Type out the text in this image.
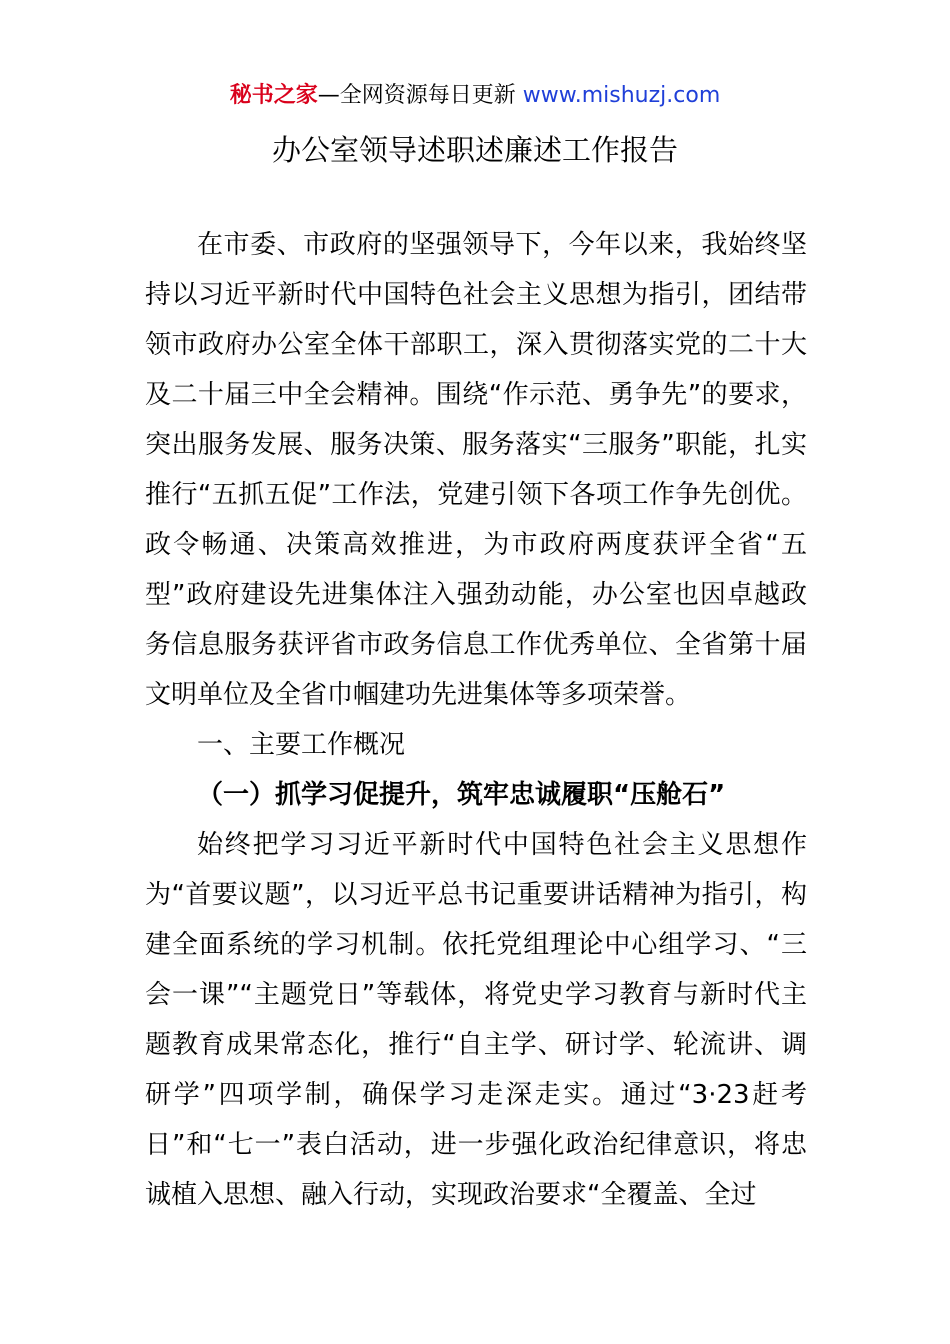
秘书之家—全网资源每日更新 www.mishuzj.com
办公室领导述职述廉述工作报告

在市委、市政府的坚强领导下，今年以来，我始终坚持以习近平新时代中国特色社会主义思想为指引，团结带领市政府办公室全体干部职工，深入贯彻落实党的二十大及二十届三中全会精神。围绕“作示范、勇争先”的要求，突出服务发展、服务决策、服务落实“三服务”职能，扎实推行“五抓五促”工作法，党建引领下各项工作争先创优。政令畅通、决策高效推进，为市政府两度获评全省“五型”政府建设先进集体注入强劲动能，办公室也因卓越政务信息服务获评省市政务信息工作优秀单位、全省第十届文明单位及全省巾帼建功先进集体等多项荣誉。

一、主要工作概况

（一）抓学习促提升，筑牢忠诚履职“压舱石”

始终把学习习近平新时代中国特色社会主义思想作为“首要议题”，以习近平总书记重要讲话精神为指引，构建全面系统的学习机制。依托党组理论中心组学习、“三会一课”“主题党日”等载体，将党史学习教育与新时代主题教育成果常态化，推行“自主学、研讨学、轮流讲、调研学”四项学制，确保学习走深走实。通过“3·23赶考日”和“七一”表白活动，进一步强化政治纪律意识，将忠诚植入思想、融入行动，实现政治要求“全覆盖、全过
